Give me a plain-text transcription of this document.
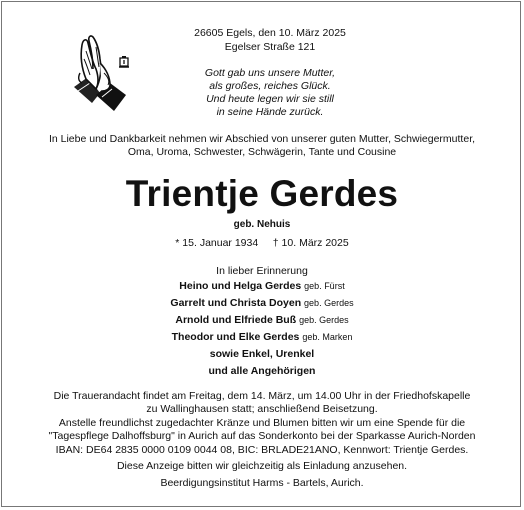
26605 Egels, den 10. März 2025
Egelser Straße 121
Gott gab uns unsere Mutter,
als großes, reiches Glück.
Und heute legen wir sie still
in seine Hände zurück.
In Liebe und Dankbarkeit nehmen wir Abschied von unserer guten Mutter, Schwiegermutter,
Oma, Uroma, Schwester, Schwägerin, Tante und Cousine
Trientje Gerdes
geb. Nehuis
* 15. Januar 1934 † 10. März 2025
In lieber Erinnerung
Heino und Helga Gerdes geb. Fürst
Garrelt und Christa Doyen geb. Gerdes
Arnold und Elfriede Buß geb. Gerdes
Theodor und Elke Gerdes geb. Marken
sowie Enkel, Urenkel
und alle Angehörigen
Die Trauerandacht findet am Freitag, dem 14. März, um 14.00 Uhr in der Friedhofskapelle
zu Wallinghausen statt; anschließend Beisetzung.
Anstelle freundlichst zugedachter Kränze und Blumen bitten wir um eine Spende für die
"Tagespflege Dalhoffsburg" in Aurich auf das Sonderkonto bei der Sparkasse Aurich-Norden
IBAN: DE64 2835 0000 0109 0044 08, BIC: BRLADE21ANO, Kennwort: Trientje Gerdes.
Diese Anzeige bitten wir gleichzeitig als Einladung anzusehen.
Beerdigungsinstitut Harms - Bartels, Aurich.
